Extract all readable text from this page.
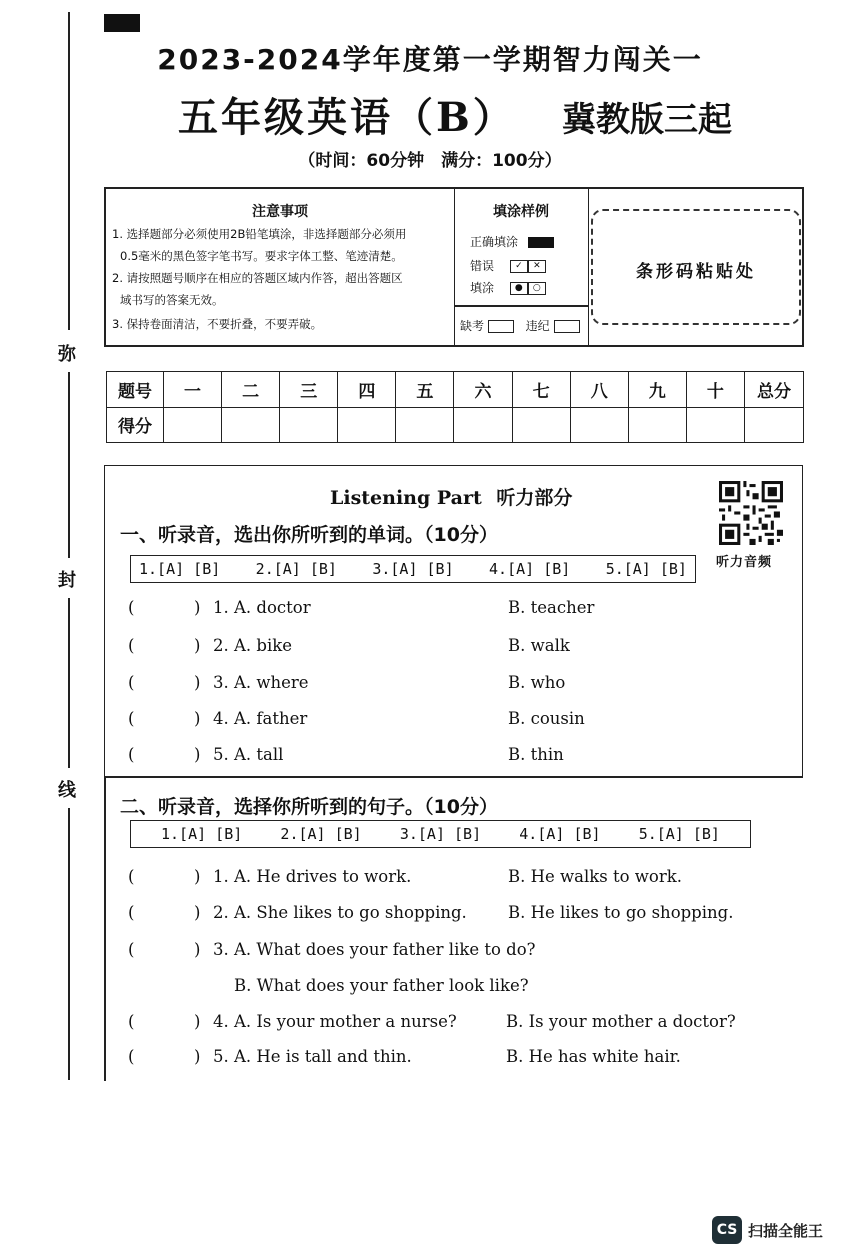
弥
封
线
2023-2024学年度第一学期智力闯关一
五年级英语（B） 冀教版三起
（时间：60分钟　满分：100分）
注意事项
1. 选择题部分必须使用2B铅笔填涂，非选择题部分必须用
0.5毫米的黑色签字笔书写。要求字体工整、笔迹清楚。
2. 请按照题号顺序在相应的答题区域内作答，超出答题区
域书写的答案无效。
3. 保持卷面清洁，不要折叠，不要弄破。
填涂样例
正确填涂
错误 ✓ ✕
填涂 ● ○
缺考	违纪
条形码粘贴处
题号	一	二	三	四	五	六	七	八	九	十	总分
得分											
Listening Part 听力部分
听力音频
一、听录音，选出你所听到的单词。（10分）
1.[A] [B] 2.[A] [B] 3.[A] [B] 4.[A] [B] 5.[A] [B]
(	) 1. A. doctor	B. teacher
(	) 2. A. bike	B. walk
(	) 3. A. where	B. who
(	) 4. A. father	B. cousin
(	) 5. A. tall	B. thin
二、听录音，选择你所听到的句子。（10分）
1.[A] [B]	2.[A] [B]	3.[A] [B]	4.[A] [B]	5.[A] [B]
(	) 1. A. He drives to work.	B. He walks to work.
(	) 2. A. She likes to go shopping. B. He likes to go shopping.
(	) 3. A. What does your father like to do?
B. What does your father look like?
(	) 4. A. Is your mother a nurse?	B. Is your mother a doctor?
(	) 5. A. He is tall and thin.	B. He has white hair.
CS 扫描全能王
